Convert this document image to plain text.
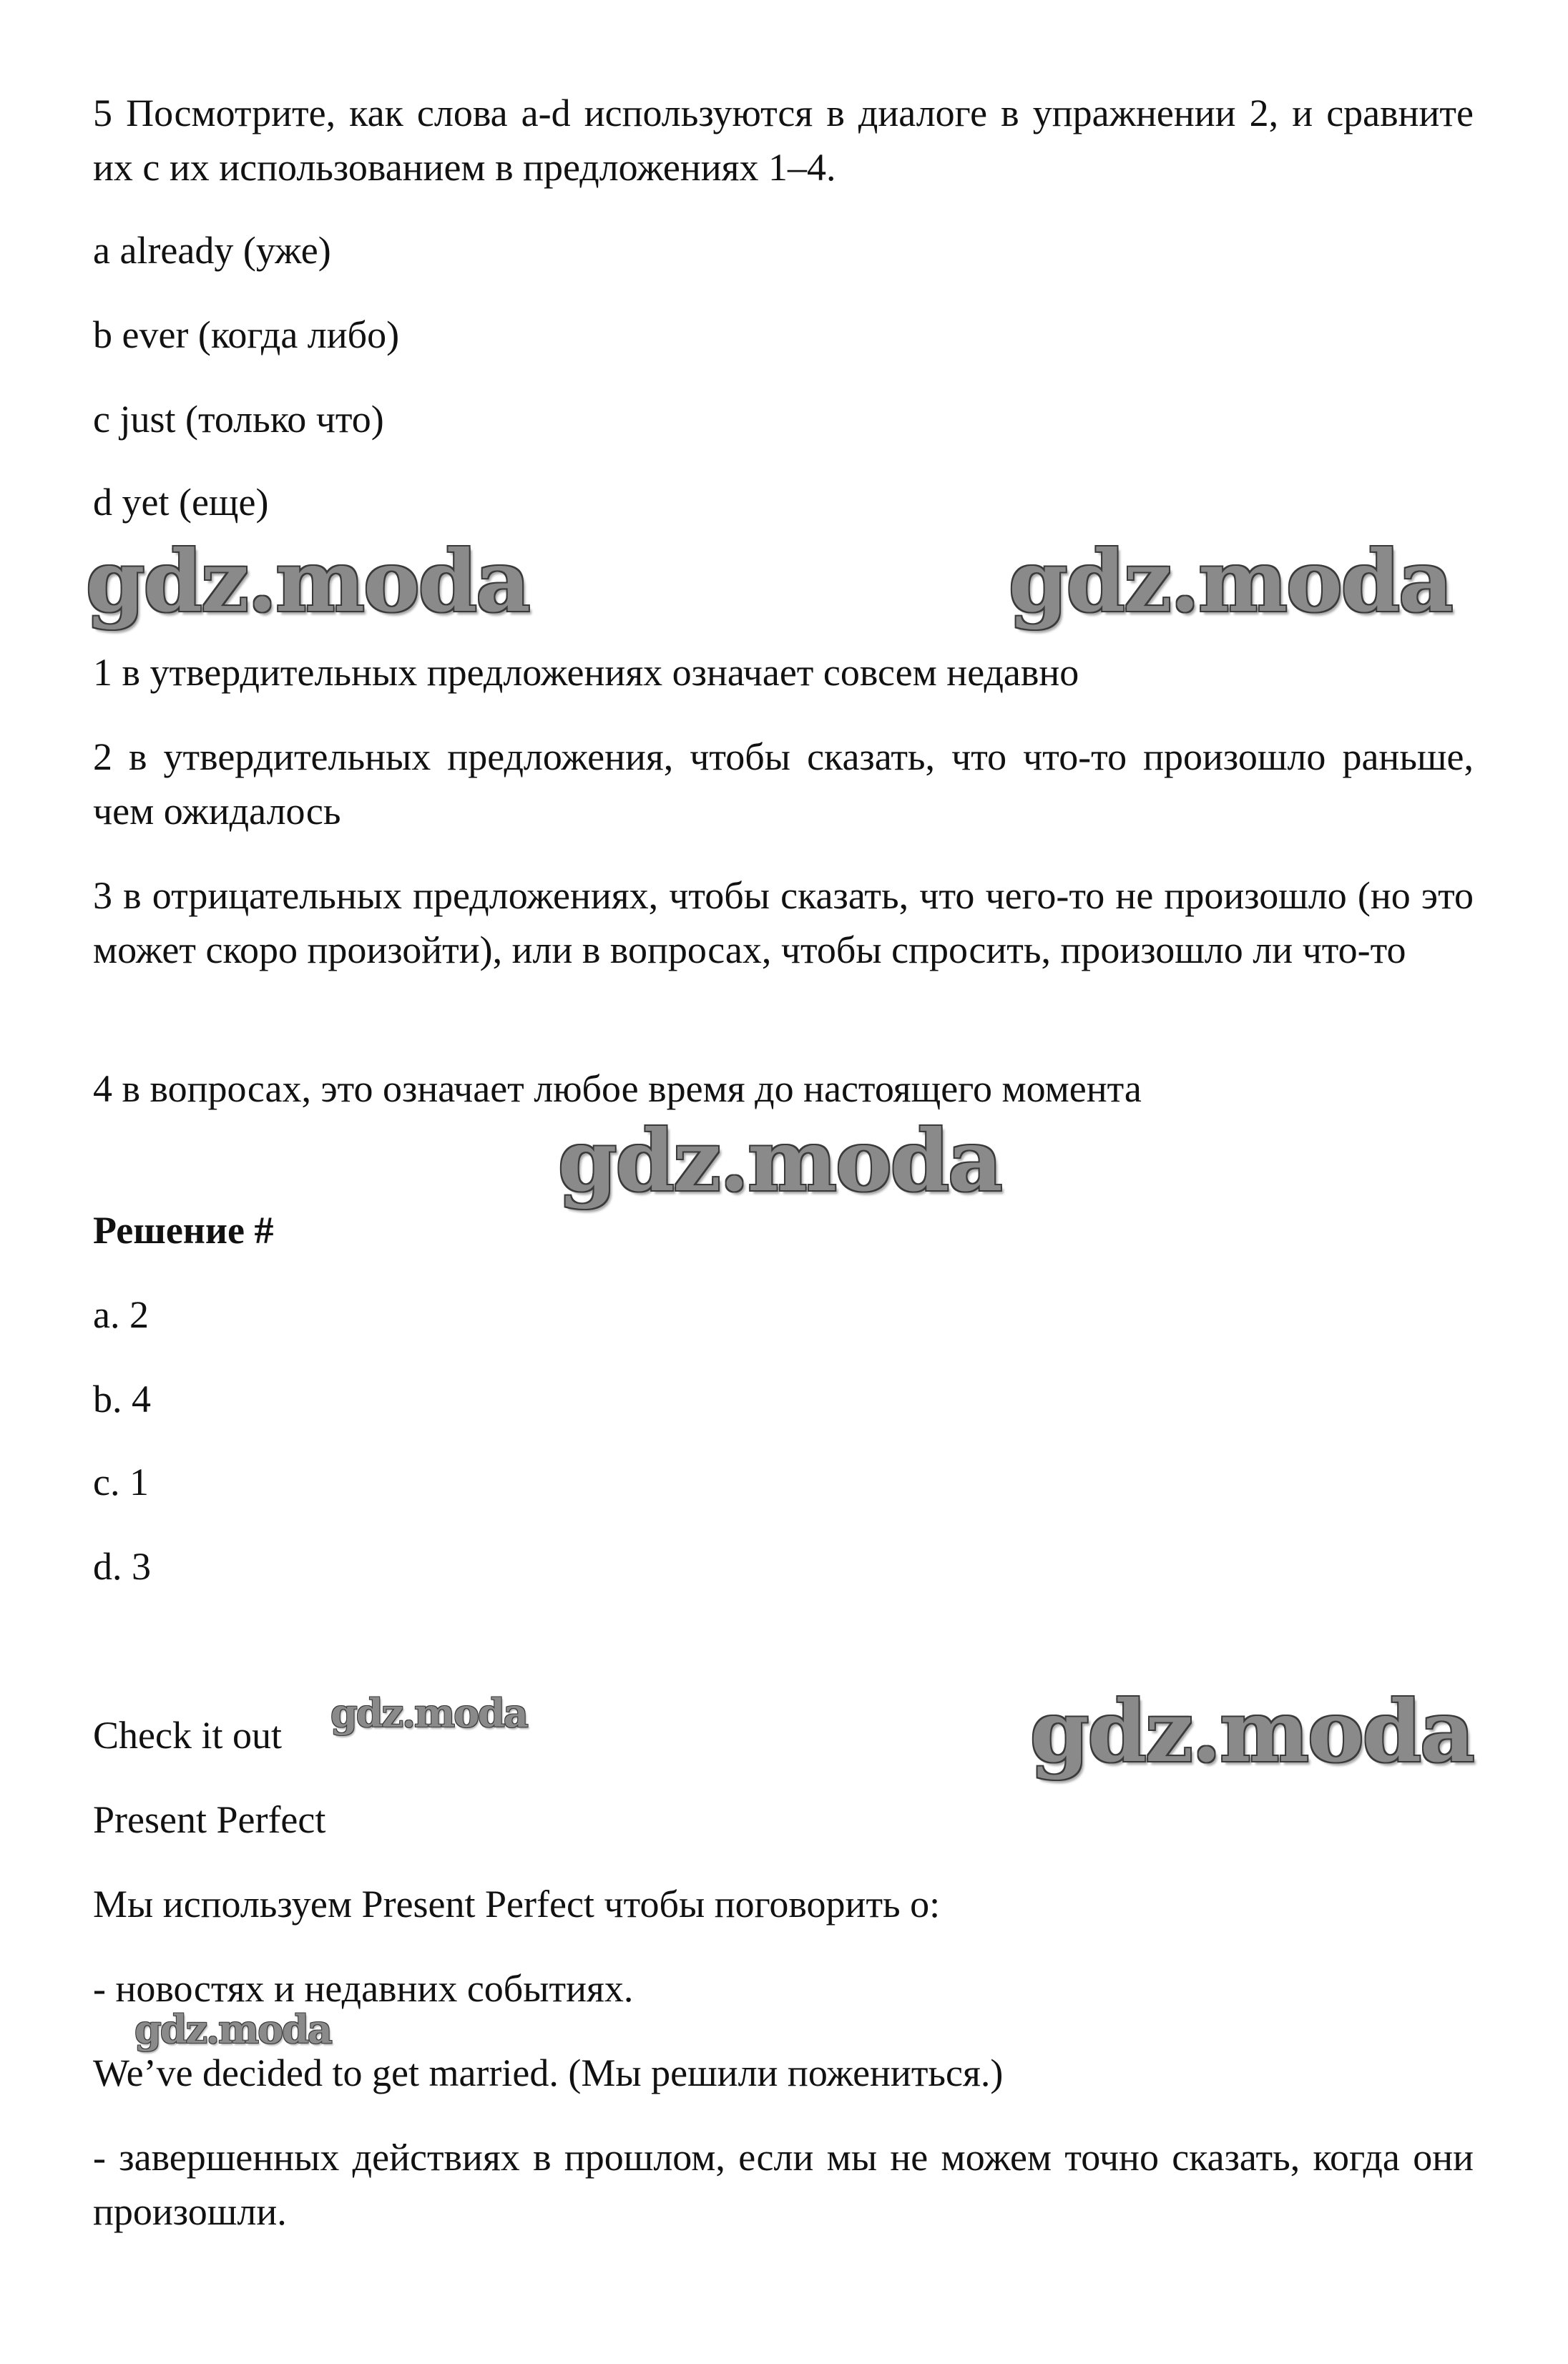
5 Посмотрите, как слова a-d используются в диалоге в упражнении 2, и сравните их с их использованием в предложениях 1–4.
a already (уже)
b ever (когда либо)
c just (только что)
d yet (еще)
gdz.moda	gdz.moda
1 в утвердительных предложениях означает совсем недавно
2 в утвердительных предложения, чтобы сказать, что что-то произошло раньше, чем ожидалось
3 в отрицательных предложениях, чтобы сказать, что чего-то не произошло (но это может скоро произойти), или в вопросах, чтобы спросить, произошло ли что-то
4 в вопросах, это означает любое время до настоящего момента
gdz.moda
Решение #
a. 2
b. 4
c. 1
d. 3
Check it out	gdz.moda	gdz.moda
Present Perfect
Мы используем Present Perfect чтобы поговорить о:
- новостях и недавних событиях.
gdz.moda
We’ve decided to get married. (Мы решили пожениться.)
- завершенных действиях в прошлом, если мы не можем точно сказать, когда они произошли.
